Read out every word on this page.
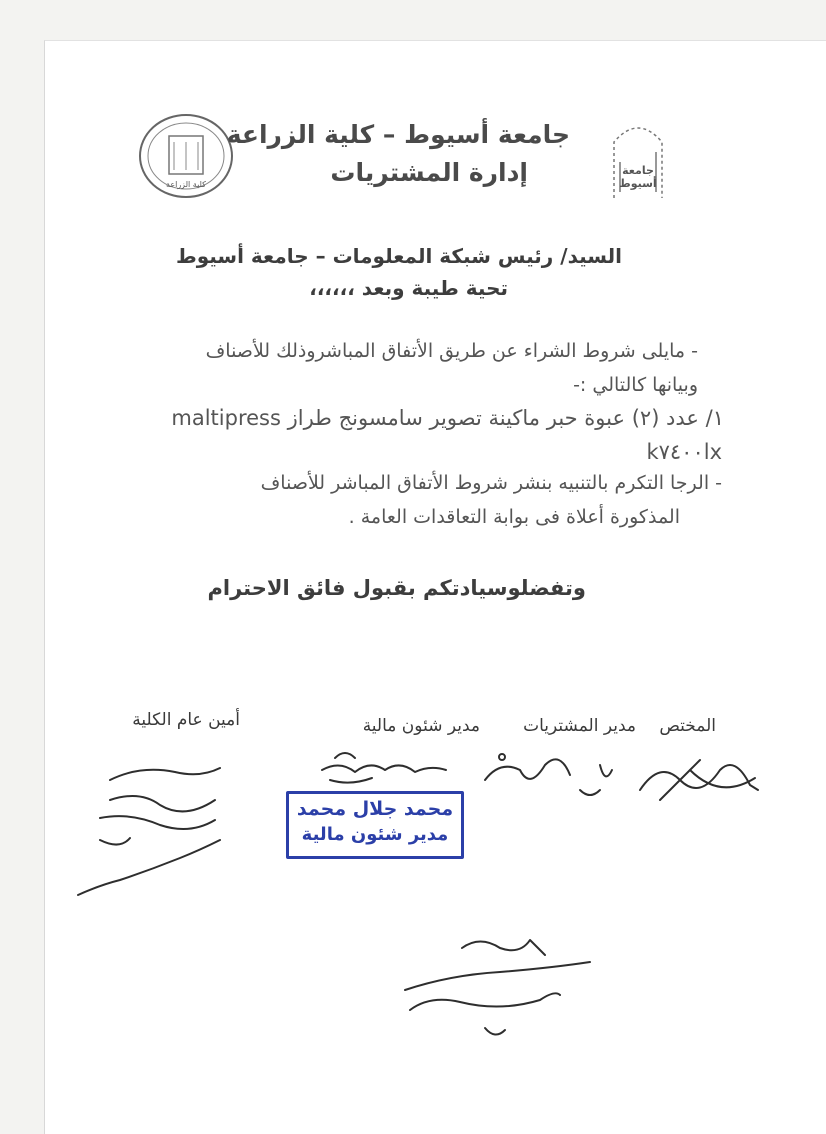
كلية الزراعة
جامعة أسيوط
جامعة أسيوط – كلية الزراعة
إدارة المشتريات
السيد/ رئيس شبكة المعلومات – جامعة أسيوط
تحية طيبة وبعد ،،،،،،
- مايلى شروط الشراء عن طريق الأتفاق المباشروذلك للأصناف
وبيانها كالتالي :-
١/ عدد (٢) عبوة حبر ماكينة تصوير سامسونج طراز maltipress
k٧٤٠٠lx
- الرجا التكرم بالتنبيه بنشر شروط الأتفاق المباشر للأصناف
المذكورة أعلاة فى بوابة التعاقدات العامة .
وتفضلوسيادتكم بقبول فائق الاحترام
المختص
مدير المشتريات
مدير شئون مالية
أمين عام الكلية
محمد جلال محمد
مدير شئون مالية
